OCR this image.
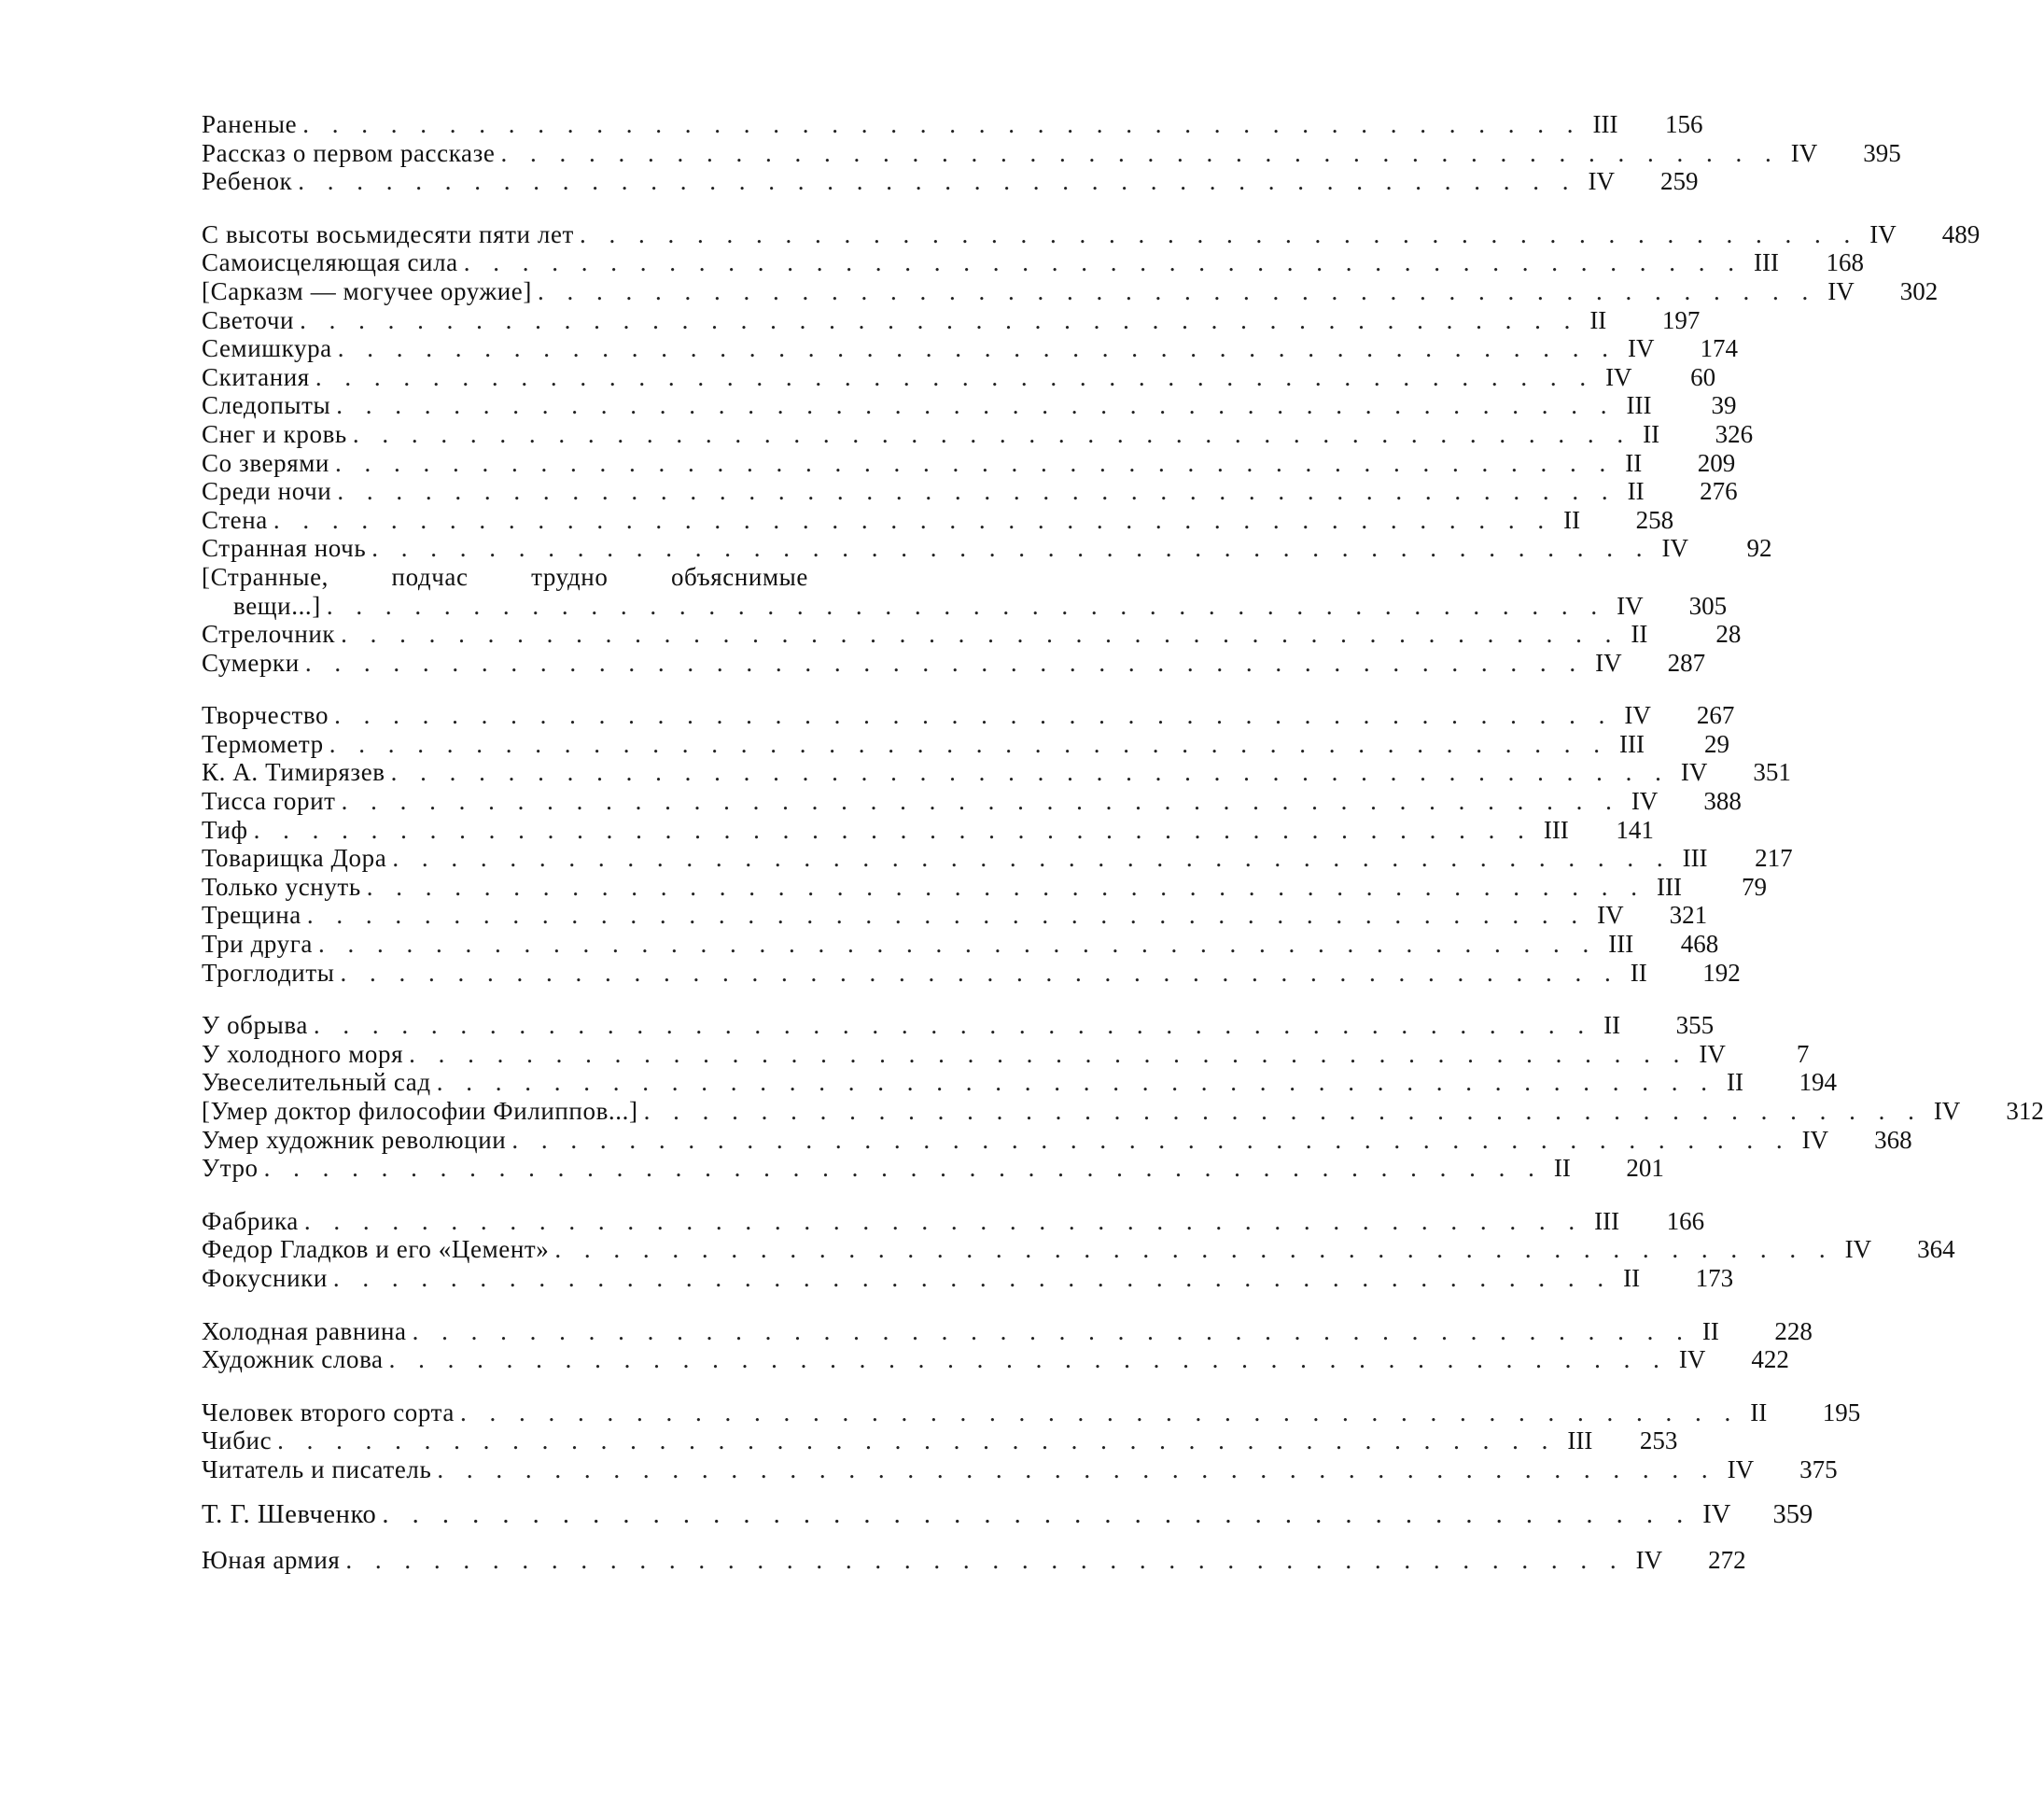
Раненые . . . . . . . . . . . . . . . . . . . . . . . . . . . . . . . . . . . . . . . . . . . . III	156
Рассказ о первом рассказе . . . . . . . . . . . . . . . . . . . . . . . . . . . . . . . . . . . . . . . . . . . . IV	395
Ребенок . . . . . . . . . . . . . . . . . . . . . . . . . . . . . . . . . . . . . . . . . . . . IV	259
С высоты восьмидесяти пяти лет . . . . . . . . . . . . . . . . . . . . . . . . . . . . . . . . . . . . . . . . . . . . IV	489
Самоисцеляющая сила . . . . . . . . . . . . . . . . . . . . . . . . . . . . . . . . . . . . . . . . . . . . III	168
[Сарказм — могучее оружие] . . . . . . . . . . . . . . . . . . . . . . . . . . . . . . . . . . . . . . . . . . . . IV	302
Светочи . . . . . . . . . . . . . . . . . . . . . . . . . . . . . . . . . . . . . . . . . . . . II	197
Семишкура . . . . . . . . . . . . . . . . . . . . . . . . . . . . . . . . . . . . . . . . . . . . IV	174
Скитания . . . . . . . . . . . . . . . . . . . . . . . . . . . . . . . . . . . . . . . . . . . . IV	60
Следопыты . . . . . . . . . . . . . . . . . . . . . . . . . . . . . . . . . . . . . . . . . . . . III	39
Снег и кровь . . . . . . . . . . . . . . . . . . . . . . . . . . . . . . . . . . . . . . . . . . . . II	326
Со зверями . . . . . . . . . . . . . . . . . . . . . . . . . . . . . . . . . . . . . . . . . . . . II	209
Среди ночи . . . . . . . . . . . . . . . . . . . . . . . . . . . . . . . . . . . . . . . . . . . . II	276
Стена . . . . . . . . . . . . . . . . . . . . . . . . . . . . . . . . . . . . . . . . . . . . II	258
Странная ночь . . . . . . . . . . . . . . . . . . . . . . . . . . . . . . . . . . . . . . . . . . . . IV	92
[Странные, подчас трудно объяснимые
вещи...] . . . . . . . . . . . . . . . . . . . . . . . . . . . . . . . . . . . . . . . . . . . . IV	305
Стрелочник . . . . . . . . . . . . . . . . . . . . . . . . . . . . . . . . . . . . . . . . . . . . II	28
Сумерки . . . . . . . . . . . . . . . . . . . . . . . . . . . . . . . . . . . . . . . . . . . . IV	287
Творчество . . . . . . . . . . . . . . . . . . . . . . . . . . . . . . . . . . . . . . . . . . . . IV	267
Термометр . . . . . . . . . . . . . . . . . . . . . . . . . . . . . . . . . . . . . . . . . . . . III	29
К. А. Тимирязев . . . . . . . . . . . . . . . . . . . . . . . . . . . . . . . . . . . . . . . . . . . . IV	351
Тисса горит . . . . . . . . . . . . . . . . . . . . . . . . . . . . . . . . . . . . . . . . . . . . IV	388
Тиф . . . . . . . . . . . . . . . . . . . . . . . . . . . . . . . . . . . . . . . . . . . . III	141
Товарищка Дора . . . . . . . . . . . . . . . . . . . . . . . . . . . . . . . . . . . . . . . . . . . . III	217
Только уснуть . . . . . . . . . . . . . . . . . . . . . . . . . . . . . . . . . . . . . . . . . . . . III	79
Трещина . . . . . . . . . . . . . . . . . . . . . . . . . . . . . . . . . . . . . . . . . . . . IV	321
Три друга . . . . . . . . . . . . . . . . . . . . . . . . . . . . . . . . . . . . . . . . . . . . III	468
Троглодиты . . . . . . . . . . . . . . . . . . . . . . . . . . . . . . . . . . . . . . . . . . . . II	192
У обрыва . . . . . . . . . . . . . . . . . . . . . . . . . . . . . . . . . . . . . . . . . . . . II	355
У холодного моря . . . . . . . . . . . . . . . . . . . . . . . . . . . . . . . . . . . . . . . . . . . . IV	7
Увеселительный сад . . . . . . . . . . . . . . . . . . . . . . . . . . . . . . . . . . . . . . . . . . . . II	194
[Умер доктор философии Филиппов...] . . . . . . . . . . . . . . . . . . . . . . . . . . . . . . . . . . . . . . . . . . . . IV	312
Умер художник революции . . . . . . . . . . . . . . . . . . . . . . . . . . . . . . . . . . . . . . . . . . . . IV	368
Утро . . . . . . . . . . . . . . . . . . . . . . . . . . . . . . . . . . . . . . . . . . . . II	201
Фабрика . . . . . . . . . . . . . . . . . . . . . . . . . . . . . . . . . . . . . . . . . . . . III	166
Федор Гладков и его «Цемент» . . . . . . . . . . . . . . . . . . . . . . . . . . . . . . . . . . . . . . . . . . . . IV	364
Фокусники . . . . . . . . . . . . . . . . . . . . . . . . . . . . . . . . . . . . . . . . . . . . II	173
Холодная равнина . . . . . . . . . . . . . . . . . . . . . . . . . . . . . . . . . . . . . . . . . . . . II	228
Художник слова . . . . . . . . . . . . . . . . . . . . . . . . . . . . . . . . . . . . . . . . . . . . IV	422
Человек второго сорта . . . . . . . . . . . . . . . . . . . . . . . . . . . . . . . . . . . . . . . . . . . . II	195
Чибис . . . . . . . . . . . . . . . . . . . . . . . . . . . . . . . . . . . . . . . . . . . . III	253
Читатель и писатель . . . . . . . . . . . . . . . . . . . . . . . . . . . . . . . . . . . . . . . . . . . . IV	375
Т. Г. Шевченко . . . . . . . . . . . . . . . . . . . . . . . . . . . . . . . . . . . . . . . . . . . . IV	359
Юная армия . . . . . . . . . . . . . . . . . . . . . . . . . . . . . . . . . . . . . . . . . . . . IV	272
